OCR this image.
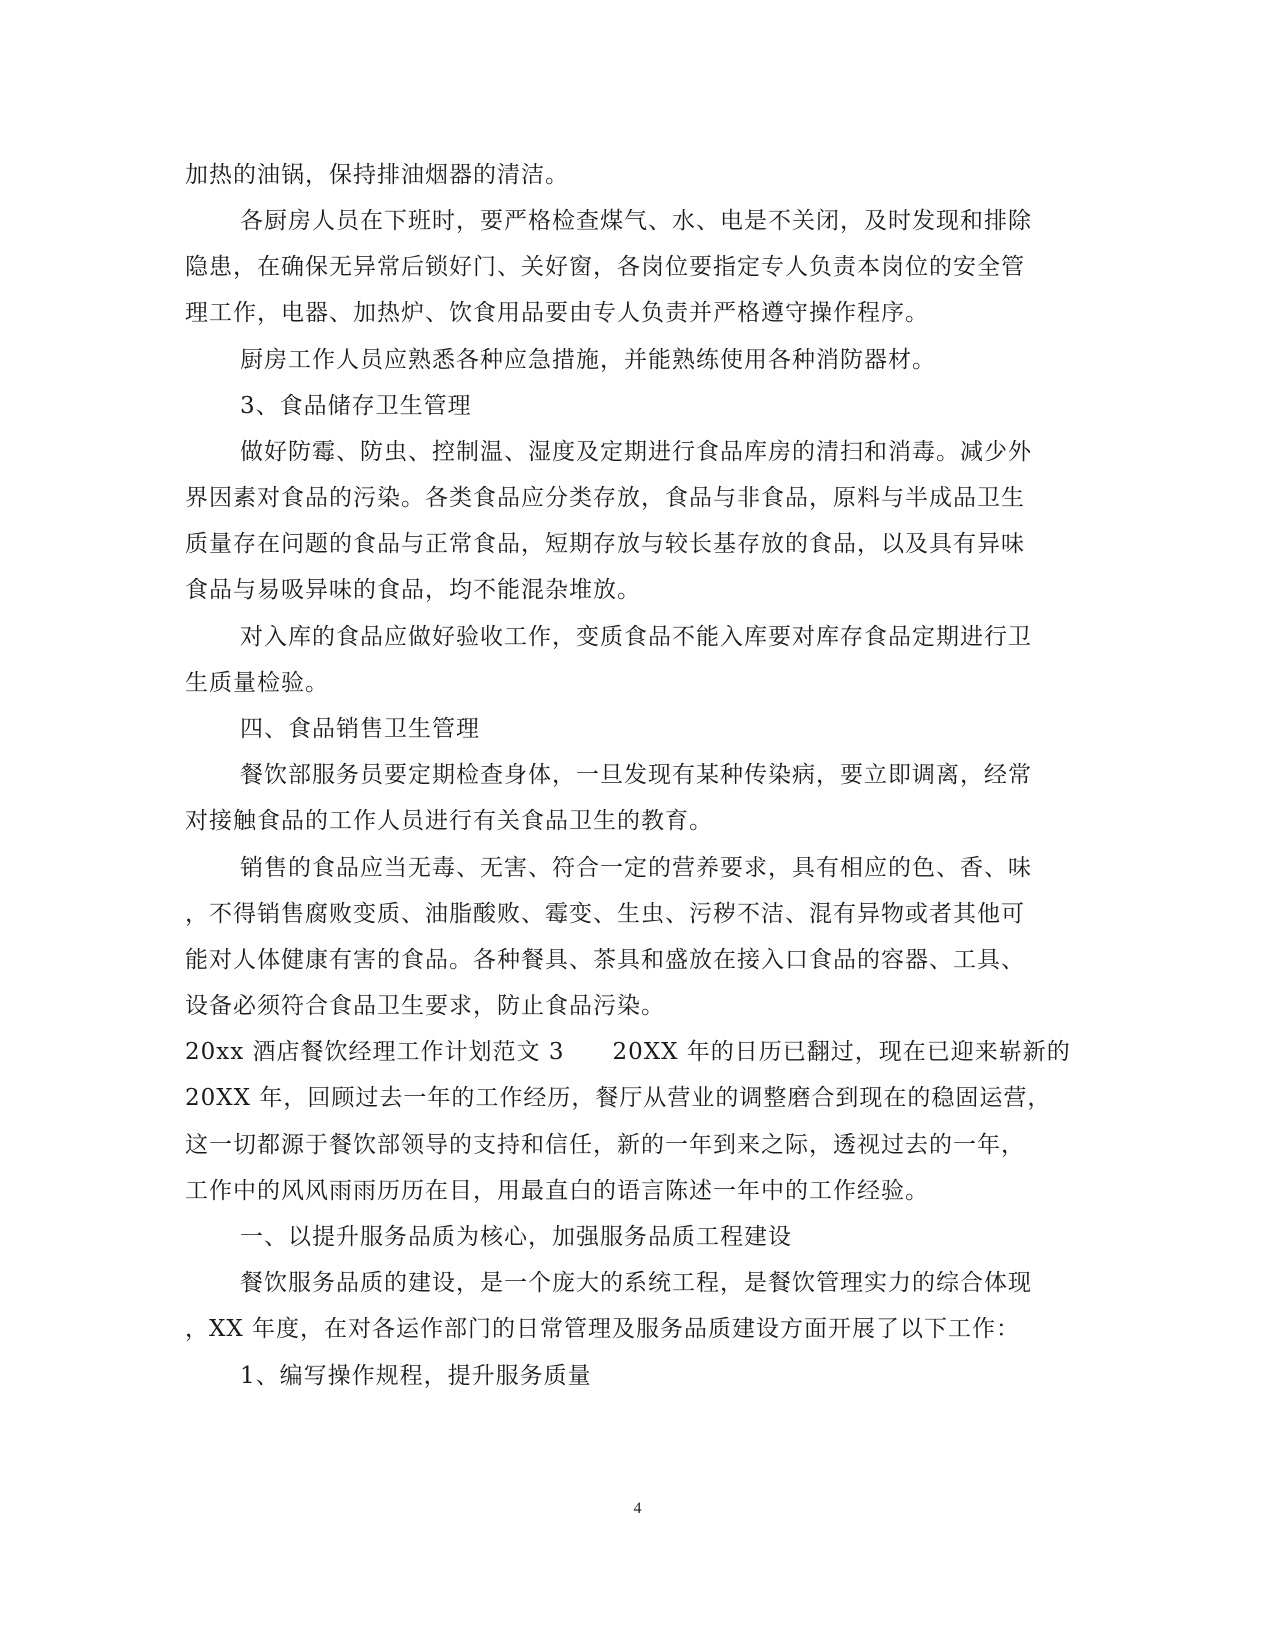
加热的油锅，保持排油烟器的清洁。
各厨房人员在下班时，要严格检查煤气、水、电是不关闭，及时发现和排除
隐患，在确保无异常后锁好门、关好窗，各岗位要指定专人负责本岗位的安全管
理工作，电器、加热炉、饮食用品要由专人负责并严格遵守操作程序。
厨房工作人员应熟悉各种应急措施，并能熟练使用各种消防器材。
3、食品储存卫生管理
做好防霉、防虫、控制温、湿度及定期进行食品库房的清扫和消毒。减少外
界因素对食品的污染。各类食品应分类存放，食品与非食品，原料与半成品卫生
质量存在问题的食品与正常食品，短期存放与较长基存放的食品，以及具有异味
食品与易吸异味的食品，均不能混杂堆放。
对入库的食品应做好验收工作，变质食品不能入库要对库存食品定期进行卫
生质量检验。
四、食品销售卫生管理
餐饮部服务员要定期检查身体，一旦发现有某种传染病，要立即调离，经常
对接触食品的工作人员进行有关食品卫生的教育。
销售的食品应当无毒、无害、符合一定的营养要求，具有相应的色、香、味
，不得销售腐败变质、油脂酸败、霉变、生虫、污秽不洁、混有异物或者其他可
能对人体健康有害的食品。各种餐具、茶具和盛放在接入口食品的容器、工具、
设备必须符合食品卫生要求，防止食品污染。
20xx 酒店餐饮经理工作计划范文 3　　20XX 年的日历已翻过，现在已迎来崭新的
20XX 年，回顾过去一年的工作经历，餐厅从营业的调整磨合到现在的稳固运营，
这一切都源于餐饮部领导的支持和信任，新的一年到来之际，透视过去的一年，
工作中的风风雨雨历历在目，用最直白的语言陈述一年中的工作经验。
一、以提升服务品质为核心，加强服务品质工程建设
餐饮服务品质的建设，是一个庞大的系统工程，是餐饮管理实力的综合体现
，XX 年度，在对各运作部门的日常管理及服务品质建设方面开展了以下工作：
1、编写操作规程，提升服务质量
4
